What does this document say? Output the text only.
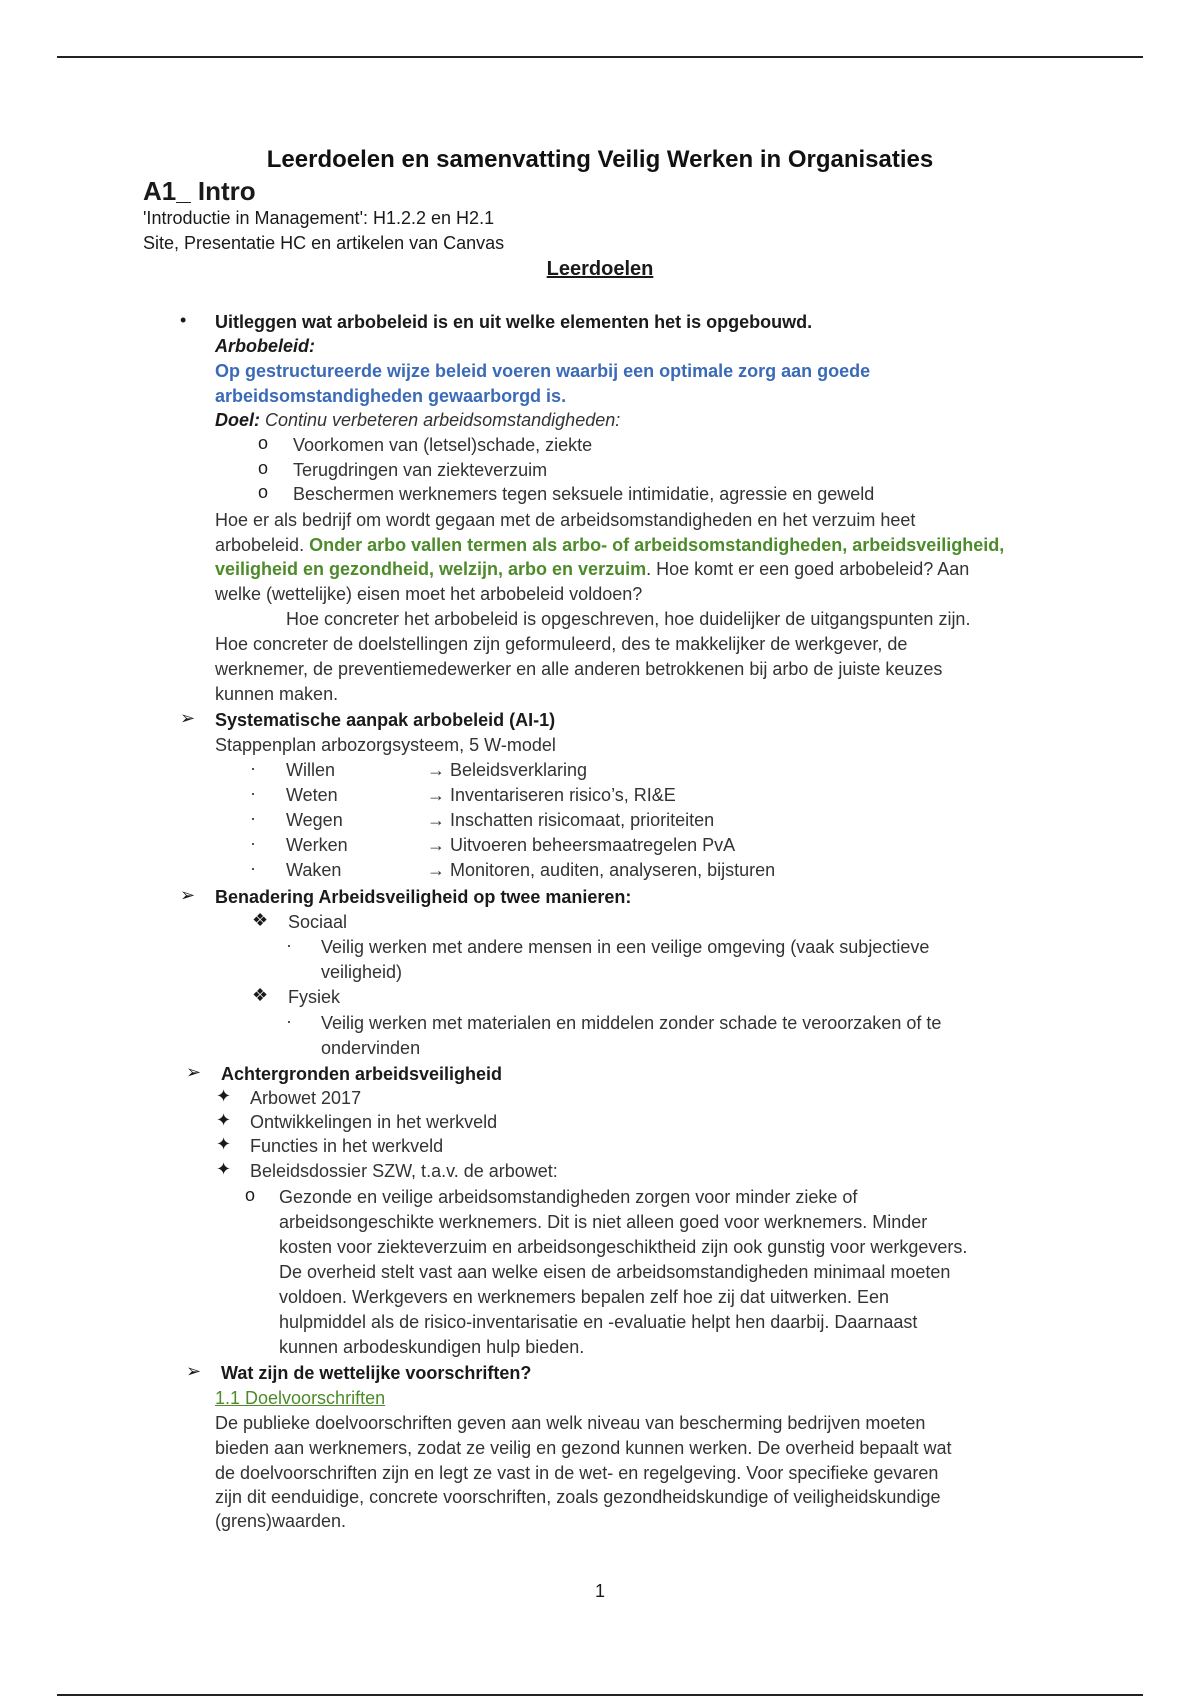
Leerdoelen en samenvatting Veilig Werken in Organisaties
A1_ Intro
'Introductie in Management': H1.2.2 en H2.1
Site, Presentatie HC en artikelen van Canvas
Leerdoelen
• Uitleggen wat arbobeleid is en uit welke elementen het is opgebouwd.
Arbobeleid:
Op gestructureerde wijze beleid voeren waarbij een optimale zorg aan goede
arbeidsomstandigheden gewaarborgd is.
Doel: Continu verbeteren arbeidsomstandigheden:
o Voorkomen van (letsel)schade, ziekte
o Terugdringen van ziekteverzuim
o Beschermen werknemers tegen seksuele intimidatie, agressie en geweld
Hoe er als bedrijf om wordt gegaan met de arbeidsomstandigheden en het verzuim heet
arbobeleid. Onder arbo vallen termen als arbo- of arbeidsomstandigheden, arbeidsveiligheid,
veiligheid en gezondheid, welzijn, arbo en verzuim. Hoe komt er een goed arbobeleid? Aan
welke (wettelijke) eisen moet het arbobeleid voldoen?
Hoe concreter het arbobeleid is opgeschreven, hoe duidelijker de uitgangspunten zijn.
Hoe concreter de doelstellingen zijn geformuleerd, des te makkelijker de werkgever, de
werknemer, de preventiemedewerker en alle anderen betrokkenen bij arbo de juiste keuzes
kunnen maken.
➢ Systematische aanpak arbobeleid (AI-1)
Stappenplan arbozorgsysteem, 5 W-model
· Willen	→ Beleidsverklaring
· Weten	→ Inventariseren risico’s, RI&E
· Wegen	→ Inschatten risicomaat, prioriteiten
· Werken	→ Uitvoeren beheersmaatregelen PvA
· Waken	→ Monitoren, auditen, analyseren, bijsturen
➢ Benadering Arbeidsveiligheid op twee manieren:
❖ Sociaal
· Veilig werken met andere mensen in een veilige omgeving (vaak subjectieve
veiligheid)
❖ Fysiek
· Veilig werken met materialen en middelen zonder schade te veroorzaken of te
ondervinden
➢ Achtergronden arbeidsveiligheid
✦ Arbowet 2017
✦ Ontwikkelingen in het werkveld
✦ Functies in het werkveld
✦ Beleidsdossier SZW, t.a.v. de arbowet:
o Gezonde en veilige arbeidsomstandigheden zorgen voor minder zieke of
arbeidsongeschikte werknemers. Dit is niet alleen goed voor werknemers. Minder
kosten voor ziekteverzuim en arbeidsongeschiktheid zijn ook gunstig voor werkgevers.
De overheid stelt vast aan welke eisen de arbeidsomstandigheden minimaal moeten
voldoen. Werkgevers en werknemers bepalen zelf hoe zij dat uitwerken. Een
hulpmiddel als de risico-inventarisatie en -evaluatie helpt hen daarbij. Daarnaast
kunnen arbodeskundigen hulp bieden.
➢ Wat zijn de wettelijke voorschriften?
1.1 Doelvoorschriften
De publieke doelvoorschriften geven aan welk niveau van bescherming bedrijven moeten
bieden aan werknemers, zodat ze veilig en gezond kunnen werken. De overheid bepaalt wat
de doelvoorschriften zijn en legt ze vast in de wet- en regelgeving. Voor specifieke gevaren
zijn dit eenduidige, concrete voorschriften, zoals gezondheidskundige of veiligheidskundige
(grens)waarden.
1
